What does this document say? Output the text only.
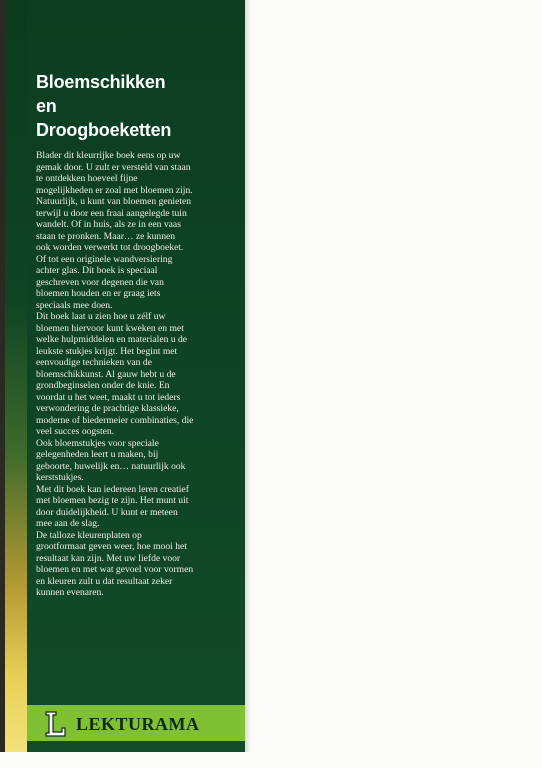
Bloemschikken
en
Droogboeketten
Blader dit kleurrijke boek eens op uw
gemak door. U zult er versteld van staan
te ontdekken hoeveel fijne
mogelijkheden er zoal met bloemen zijn.
Natuurlijk, u kunt van bloemen genieten
terwijl u door een fraai aangelegde tuin
wandelt. Of in huis, als ze in een vaas
staan te pronken. Maar… ze kunnen
ook worden verwerkt tot droogboeket.
Of tot een originele wandversiering
achter glas. Dit boek is speciaal
geschreven voor degenen die van
bloemen houden en er graag iets
speciaals mee doen.
Dit boek laat u zien hoe u zélf uw
bloemen hiervoor kunt kweken en met
welke hulpmiddelen en materialen u de
leukste stukjes krijgt. Het begint met
eenvoudige technieken van de
bloemschikkunst. Al gauw hebt u de
grondbeginselen onder de knie. En
voordat u het weet, maakt u tot ieders
verwondering de prachtige klassieke,
moderne of biedermeier combinaties, die
veel succes oogsten.
Ook bloemstukjes voor speciale
gelegenheden leert u maken, bij
geboorte, huwelijk en… natuurlijk ook
kerststukjes.
Met dit boek kan iedereen leren creatief
met bloemen bezig te zijn. Het munt uit
door duidelijkheid. U kunt er meteen
mee aan de slag.
De talloze kleurenplaten op
grootformaat geven weer, hoe mooi het
resultaat kan zijn. Met uw liefde voor
bloemen en met wat gevoel voor vormen
en kleuren zult u dat resultaat zeker
kunnen evenaren.
LEKTURAMA
